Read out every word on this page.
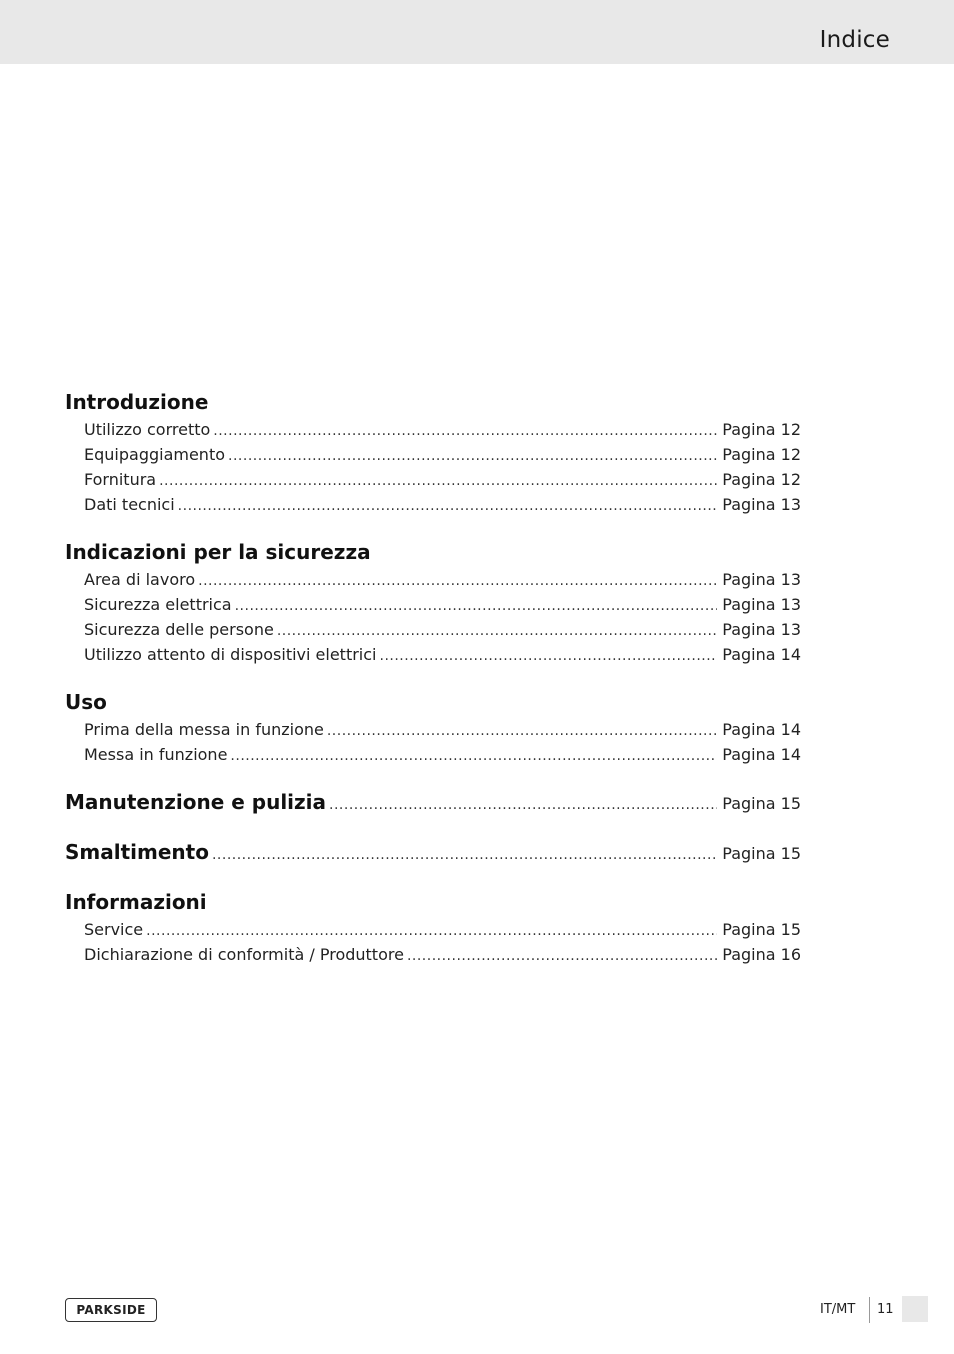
Indice
Introduzione
Utilizzo corretto .....	Pagina 12
Equipaggiamento .....	Pagina 12
Fornitura .....	Pagina 12
Dati tecnici .....	Pagina 13
Indicazioni per la sicurezza
Area di lavoro .....	Pagina 13
Sicurezza elettrica .....	Pagina 13
Sicurezza delle persone .....	Pagina 13
Utilizzo attento di dispositivi elettrici .....	Pagina 14
Uso
Prima della messa in funzione .....	Pagina 14
Messa in funzione .....	Pagina 14
Manutenzione e pulizia .....	Pagina 15
Smaltimento .....	Pagina 15
Informazioni
Service .....	Pagina 15
Dichiarazione di conformità / Produttore .....	Pagina 16
PARKSIDE	IT/MT 11
